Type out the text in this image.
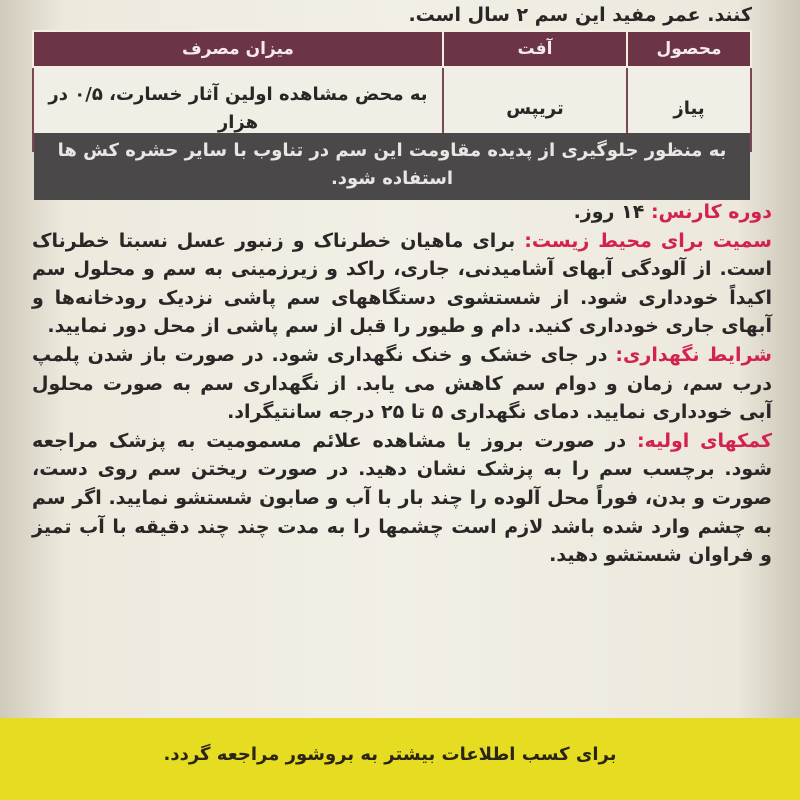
کنند. عمر مفید این سم ۲ سال است.
محصول	آفت	میزان مصرف
پیاز	تریپس	به محض مشاهده اولین آثار خسارت، ۰/۵ در هزار
به منظور جلوگیری از پدیده مقاومت این سم در تناوب با سایر حشره کش ها استفاده شود.

دوره کارنس: ۱۴ روز.

سمیت برای محیط زیست: برای ماهیان خطرناک و زنبور عسل نسبتا خطرناک است. از آلودگی آبهای آشامیدنی، جاری، راکد و زیرزمینی به سم و محلول سم اکیداً خودداری شود. از شستشوی دستگاههای سم پاشی نزدیک رودخانه‌ها و آبهای جاری خودداری کنید. دام و طیور را قبل از سم پاشی از محل دور نمایید.

شرایط نگهداری: در جای خشک و خنک نگهداری شود. در صورت باز شدن پلمپ درب سم، زمان و دوام سم کاهش می یابد. از نگهداری سم به صورت محلول آبی خودداری نمایید. دمای نگهداری ۵ تا ۲۵ درجه سانتیگراد.

کمکهای اولیه: در صورت بروز یا مشاهده علائم مسمومیت به پزشک مراجعه شود. برچسب سم را به پزشک نشان دهید. در صورت ریختن سم روی دست، صورت و بدن، فوراً محل آلوده را چند بار با آب و صابون شستشو نمایید. اگر سم به چشم وارد شده باشد لازم است چشمها را به مدت چند چند دقیقه با آب تمیز و فراوان شستشو دهید.

برای کسب اطلاعات بیشتر به بروشور مراجعه گردد.
